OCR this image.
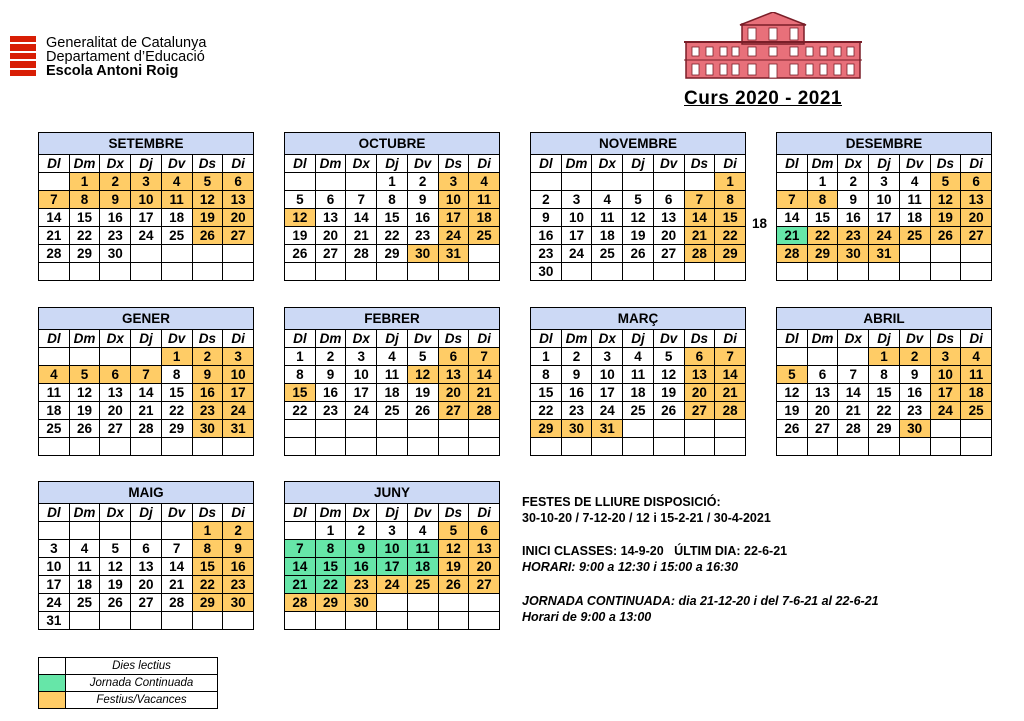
Generalitat de Catalunya
Departament d’Educació
Escola Antoni Roig
Curs 2020 - 2021
SETEMBRE						
Dl	Dm	Dx	Dj	Dv	Ds	Di
	1	2	3	4	5	6
7	8	9	10	11	12	13
14	15	16	17	18	19	20
21	22	23	24	25	26	27
28	29	30				

OCTUBRE						
Dl	Dm	Dx	Dj	Dv	Ds	Di
			1	2	3	4
5	6	7	8	9	10	11
12	13	14	15	16	17	18
19	20	21	22	23	24	25
26	27	28	29	30	31	

NOVEMBRE						
Dl	Dm	Dx	Dj	Dv	Ds	Di
						1
2	3	4	5	6	7	8
9	10	11	12	13	14	15
16	17	18	19	20	21	22
23	24	25	26	27	28	29
30						
DESEMBRE						
Dl	Dm	Dx	Dj	Dv	Ds	Di
	1	2	3	4	5	6
7	8	9	10	11	12	13
14	15	16	17	18	19	20
21	22	23	24	25	26	27
28	29	30	31			

GENER						
Dl	Dm	Dx	Dj	Dv	Ds	Di
				1	2	3
4	5	6	7	8	9	10
11	12	13	14	15	16	17
18	19	20	21	22	23	24
25	26	27	28	29	30	31

FEBRER						
Dl	Dm	Dx	Dj	Dv	Ds	Di
1	2	3	4	5	6	7
8	9	10	11	12	13	14
15	16	17	18	19	20	21
22	23	24	25	26	27	28

MARÇ						
Dl	Dm	Dx	Dj	Dv	Ds	Di
1	2	3	4	5	6	7
8	9	10	11	12	13	14
15	16	17	18	19	20	21
22	23	24	25	26	27	28
29	30	31				

ABRIL						
Dl	Dm	Dx	Dj	Dv	Ds	Di
			1	2	3	4
5	6	7	8	9	10	11
12	13	14	15	16	17	18
19	20	21	22	23	24	25
26	27	28	29	30		

MAIG						
Dl	Dm	Dx	Dj	Dv	Ds	Di
					1	2
3	4	5	6	7	8	9
10	11	12	13	14	15	16
17	18	19	20	21	22	23
24	25	26	27	28	29	30
31						
JUNY						
Dl	Dm	Dx	Dj	Dv	Ds	Di
	1	2	3	4	5	6
7	8	9	10	11	12	13
14	15	16	17	18	19	20
21	22	23	24	25	26	27
28	29	30				

18
FESTES DE LLIURE DISPOSICIÓ:
30-10-20 / 7-12-20 / 12 i 15-2-21 / 30-4-2021
INICI CLASSES: 14-9-20   ÚLTIM DIA: 22-6-21
HORARI: 9:00 a 12:30 i 15:00 a 16:30
JORNADA CONTINUADA: dia 21-12-20 i del 7-6-21 al 22-6-21
Horari de 9:00 a 13:00
	Dies lectius
	Jornada Continuada
	Festius/Vacances
